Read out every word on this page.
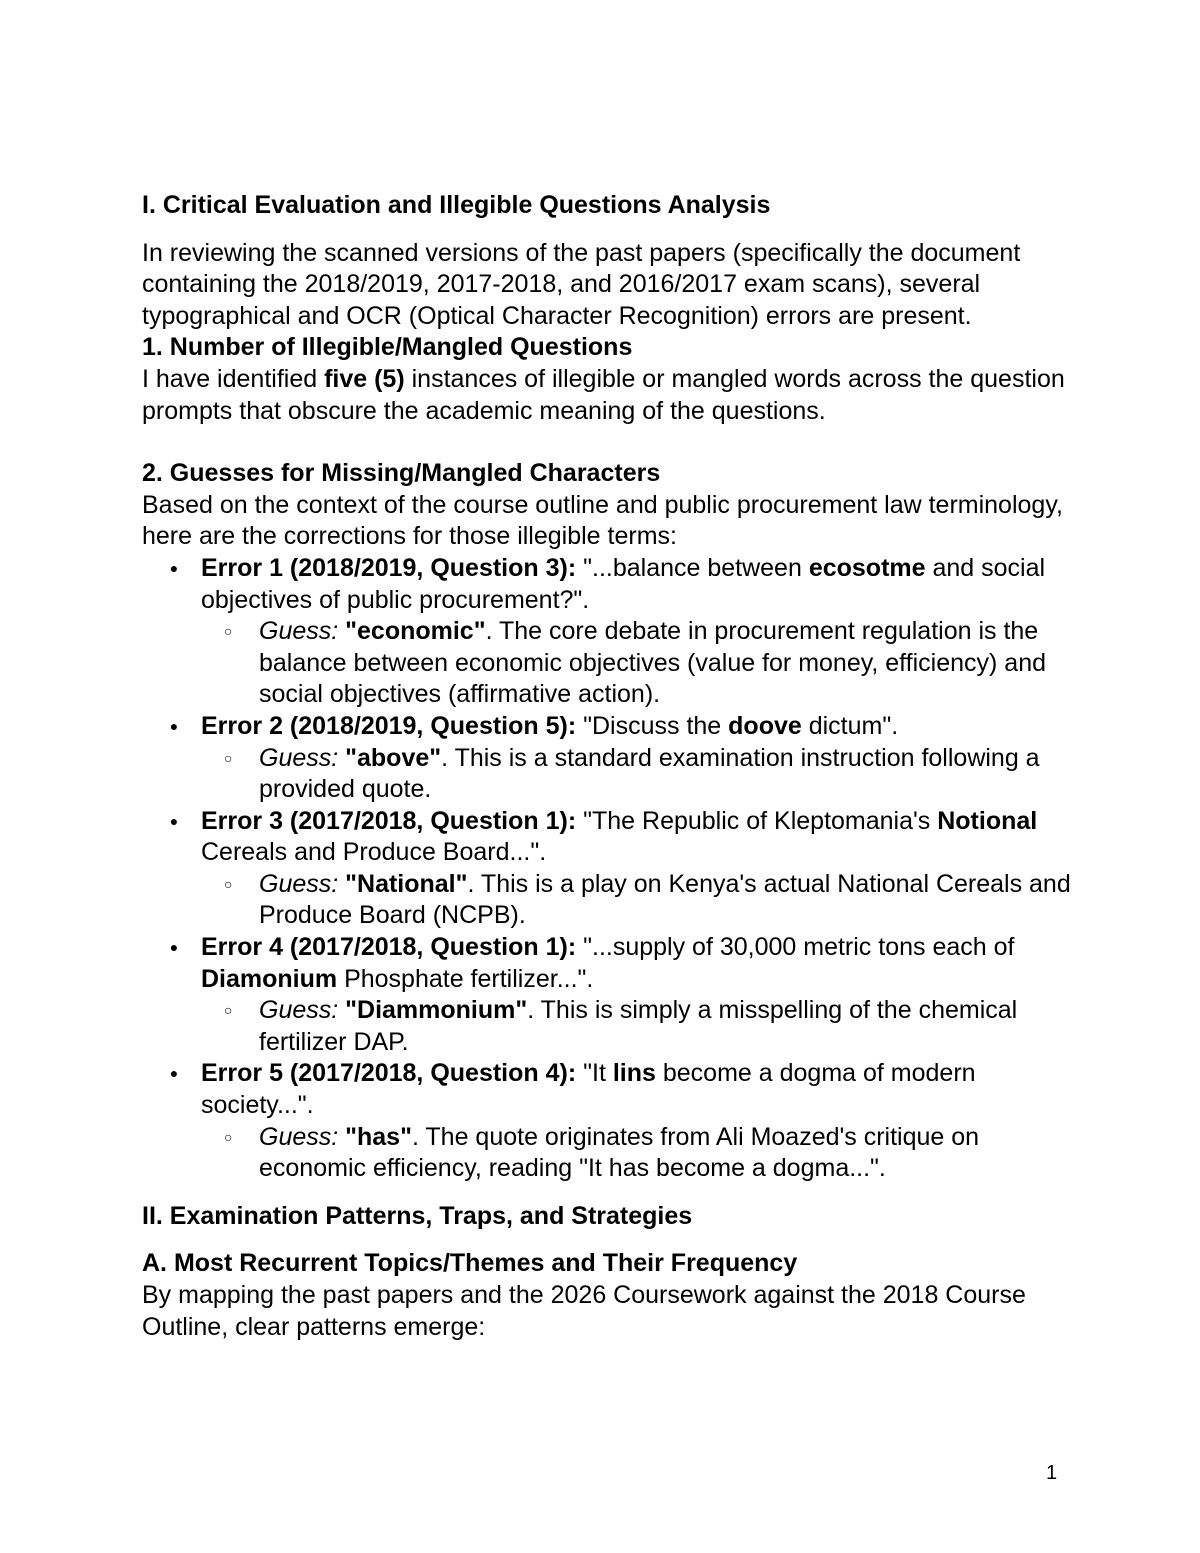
I. Critical Evaluation and Illegible Questions Analysis

In reviewing the scanned versions of the past papers (specifically the document containing the 2018/2019, 2017-2018, and 2016/2017 exam scans), several typographical and OCR (Optical Character Recognition) errors are present.

1. Number of Illegible/Mangled Questions

I have identified five (5) instances of illegible or mangled words across the question prompts that obscure the academic meaning of the questions.

2. Guesses for Missing/Mangled Characters

Based on the context of the course outline and public procurement law terminology, here are the corrections for those illegible terms:

● Error 1 (2018/2019, Question 3): "...balance between ecosotme and social objectives of public procurement?".
○ Guess: "economic". The core debate in procurement regulation is the balance between economic objectives (value for money, efficiency) and social objectives (affirmative action).
● Error 2 (2018/2019, Question 5): "Discuss the doove dictum".
○ Guess: "above". This is a standard examination instruction following a provided quote.
● Error 3 (2017/2018, Question 1): "The Republic of Kleptomania's Notional Cereals and Produce Board...".
○ Guess: "National". This is a play on Kenya's actual National Cereals and Produce Board (NCPB).
● Error 4 (2017/2018, Question 1): "...supply of 30,000 metric tons each of Diamonium Phosphate fertilizer...".
○ Guess: "Diammonium". This is simply a misspelling of the chemical fertilizer DAP.
● Error 5 (2017/2018, Question 4): "It lins become a dogma of modern society...".
○ Guess: "has". The quote originates from Ali Moazed's critique on economic efficiency, reading "It has become a dogma...".

II. Examination Patterns, Traps, and Strategies

A. Most Recurrent Topics/Themes and Their Frequency

By mapping the past papers and the 2026 Coursework against the 2018 Course Outline, clear patterns emerge:

1
